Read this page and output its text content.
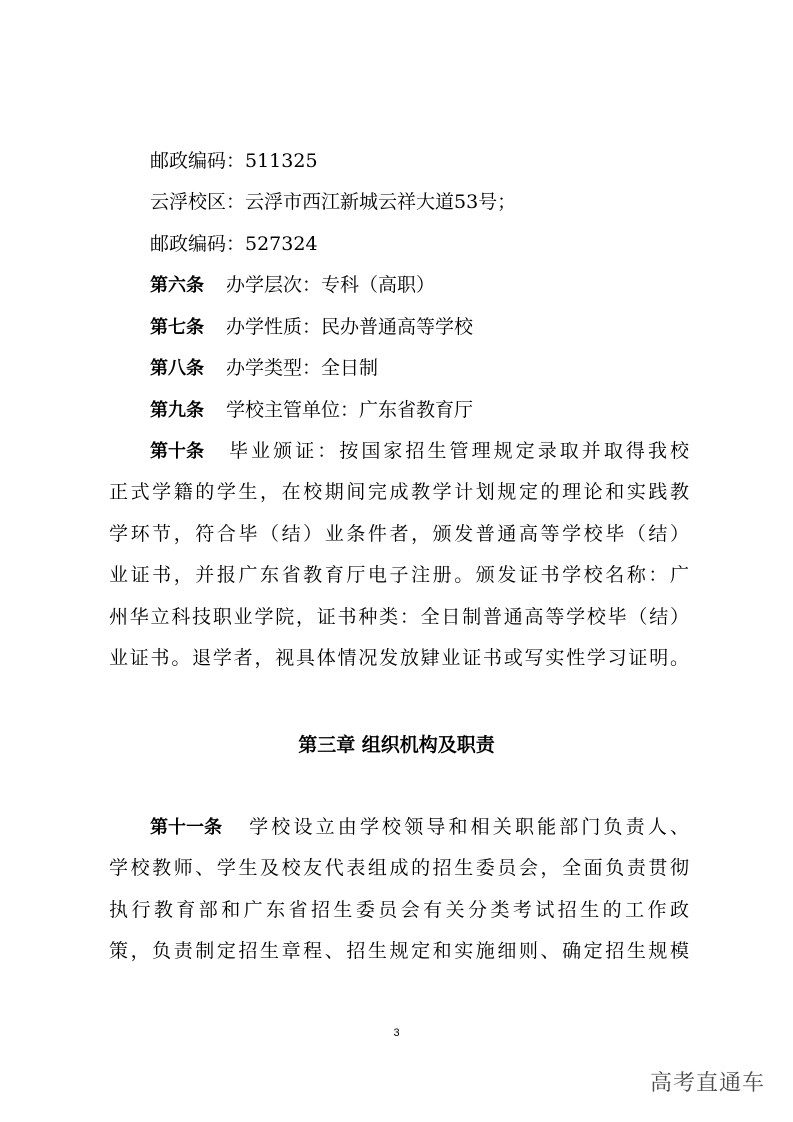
邮政编码：511325
云浮校区：云浮市西江新城云祥大道53号；
邮政编码：527324
第六条 办学层次：专科（高职）
第七条 办学性质：民办普通高等学校
第八条 办学类型：全日制
第九条 学校主管单位：广东省教育厅
第十条 毕业颁证：按国家招生管理规定录取并取得我校
正式学籍的学生，在校期间完成教学计划规定的理论和实践教
学环节，符合毕（结）业条件者，颁发普通高等学校毕（结）
业证书，并报广东省教育厅电子注册。颁发证书学校名称：广
州华立科技职业学院，证书种类：全日制普通高等学校毕（结）
业证书。退学者，视具体情况发放肄业证书或写实性学习证明。
第三章 组织机构及职责
第十一条 学校设立由学校领导和相关职能部门负责人、
学校教师、学生及校友代表组成的招生委员会，全面负责贯彻
执行教育部和广东省招生委员会有关分类考试招生的工作政
策，负责制定招生章程、招生规定和实施细则、确定招生规模
3
高考直通车
